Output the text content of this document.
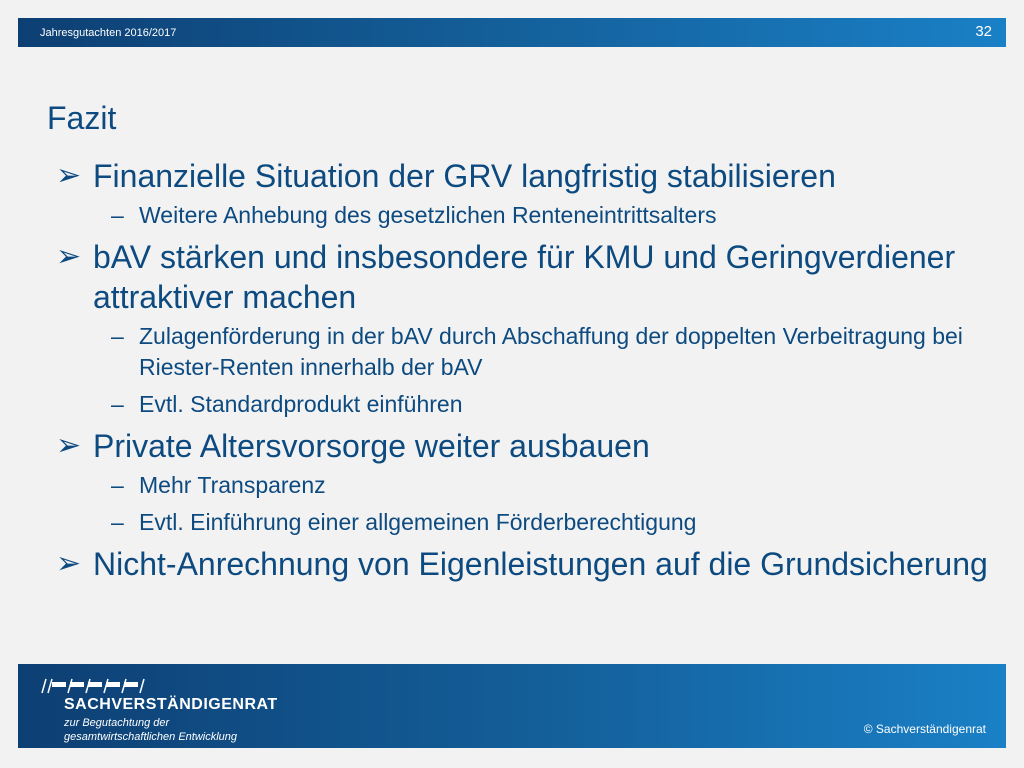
Jahresgutachten 2016/2017	32
Fazit
➢ Finanzielle Situation der GRV langfristig stabilisieren
– Weitere Anhebung des gesetzlichen Renteneintrittsalters
➢ bAV stärken und insbesondere für KMU und Geringverdiener attraktiver machen
– Zulagenförderung in der bAV durch Abschaffung der doppelten Verbeitragung bei Riester-Renten innerhalb der bAV
– Evtl. Standardprodukt einführen
➢ Private Altersvorsorge weiter ausbauen
– Mehr Transparenz
– Evtl. Einführung einer allgemeinen Förderberechtigung
➢ Nicht-Anrechnung von Eigenleistungen auf die Grundsicherung
SACHVERSTÄNDIGENRAT
zur Begutachtung der
gesamtwirtschaftlichen Entwicklung
© Sachverständigenrat
